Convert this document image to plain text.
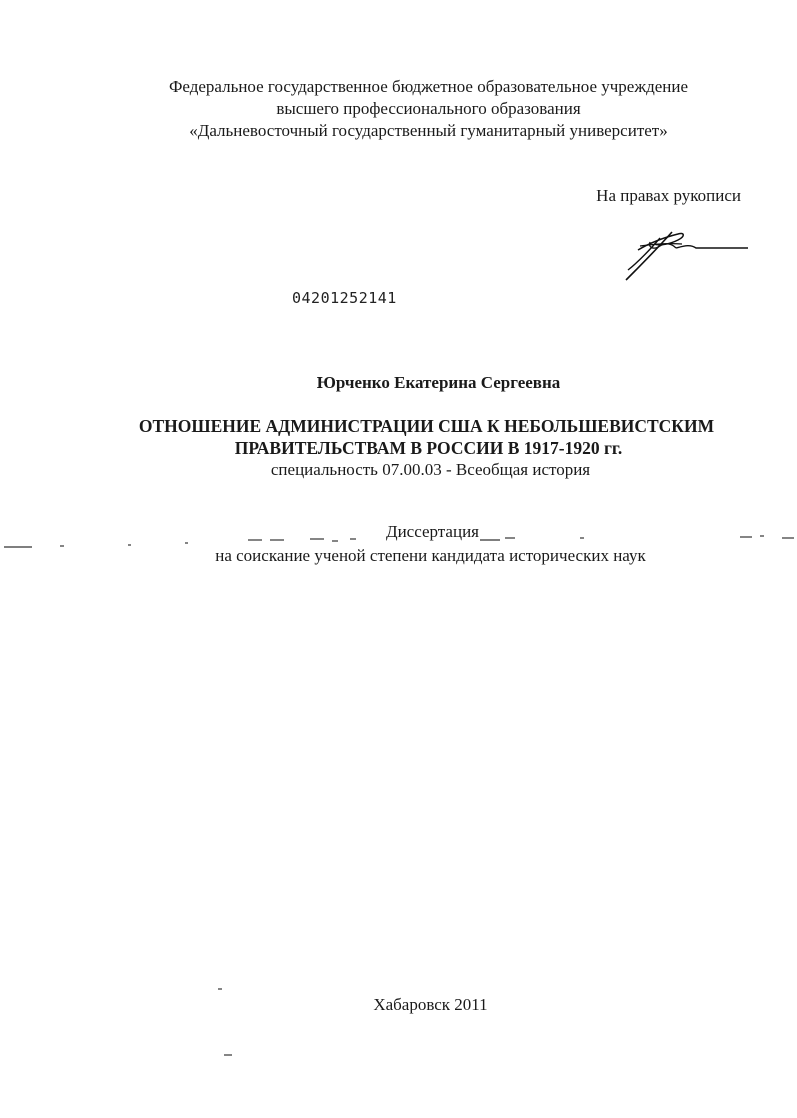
Федеральное государственное бюджетное образовательное учреждение
высшего профессионального образования
«Дальневосточный государственный гуманитарный университет»
На правах рукописи
04201252141
Юрченко Екатерина Сергеевна
ОТНОШЕНИЕ АДМИНИСТРАЦИИ США К НЕБОЛЬШЕВИСТСКИМ
ПРАВИТЕЛЬСТВАМ В РОССИИ В 1917-1920 гг.
специальность 07.00.03 - Всеобщая история
Диссертация
на соискание ученой степени кандидата исторических наук
Хабаровск 2011
